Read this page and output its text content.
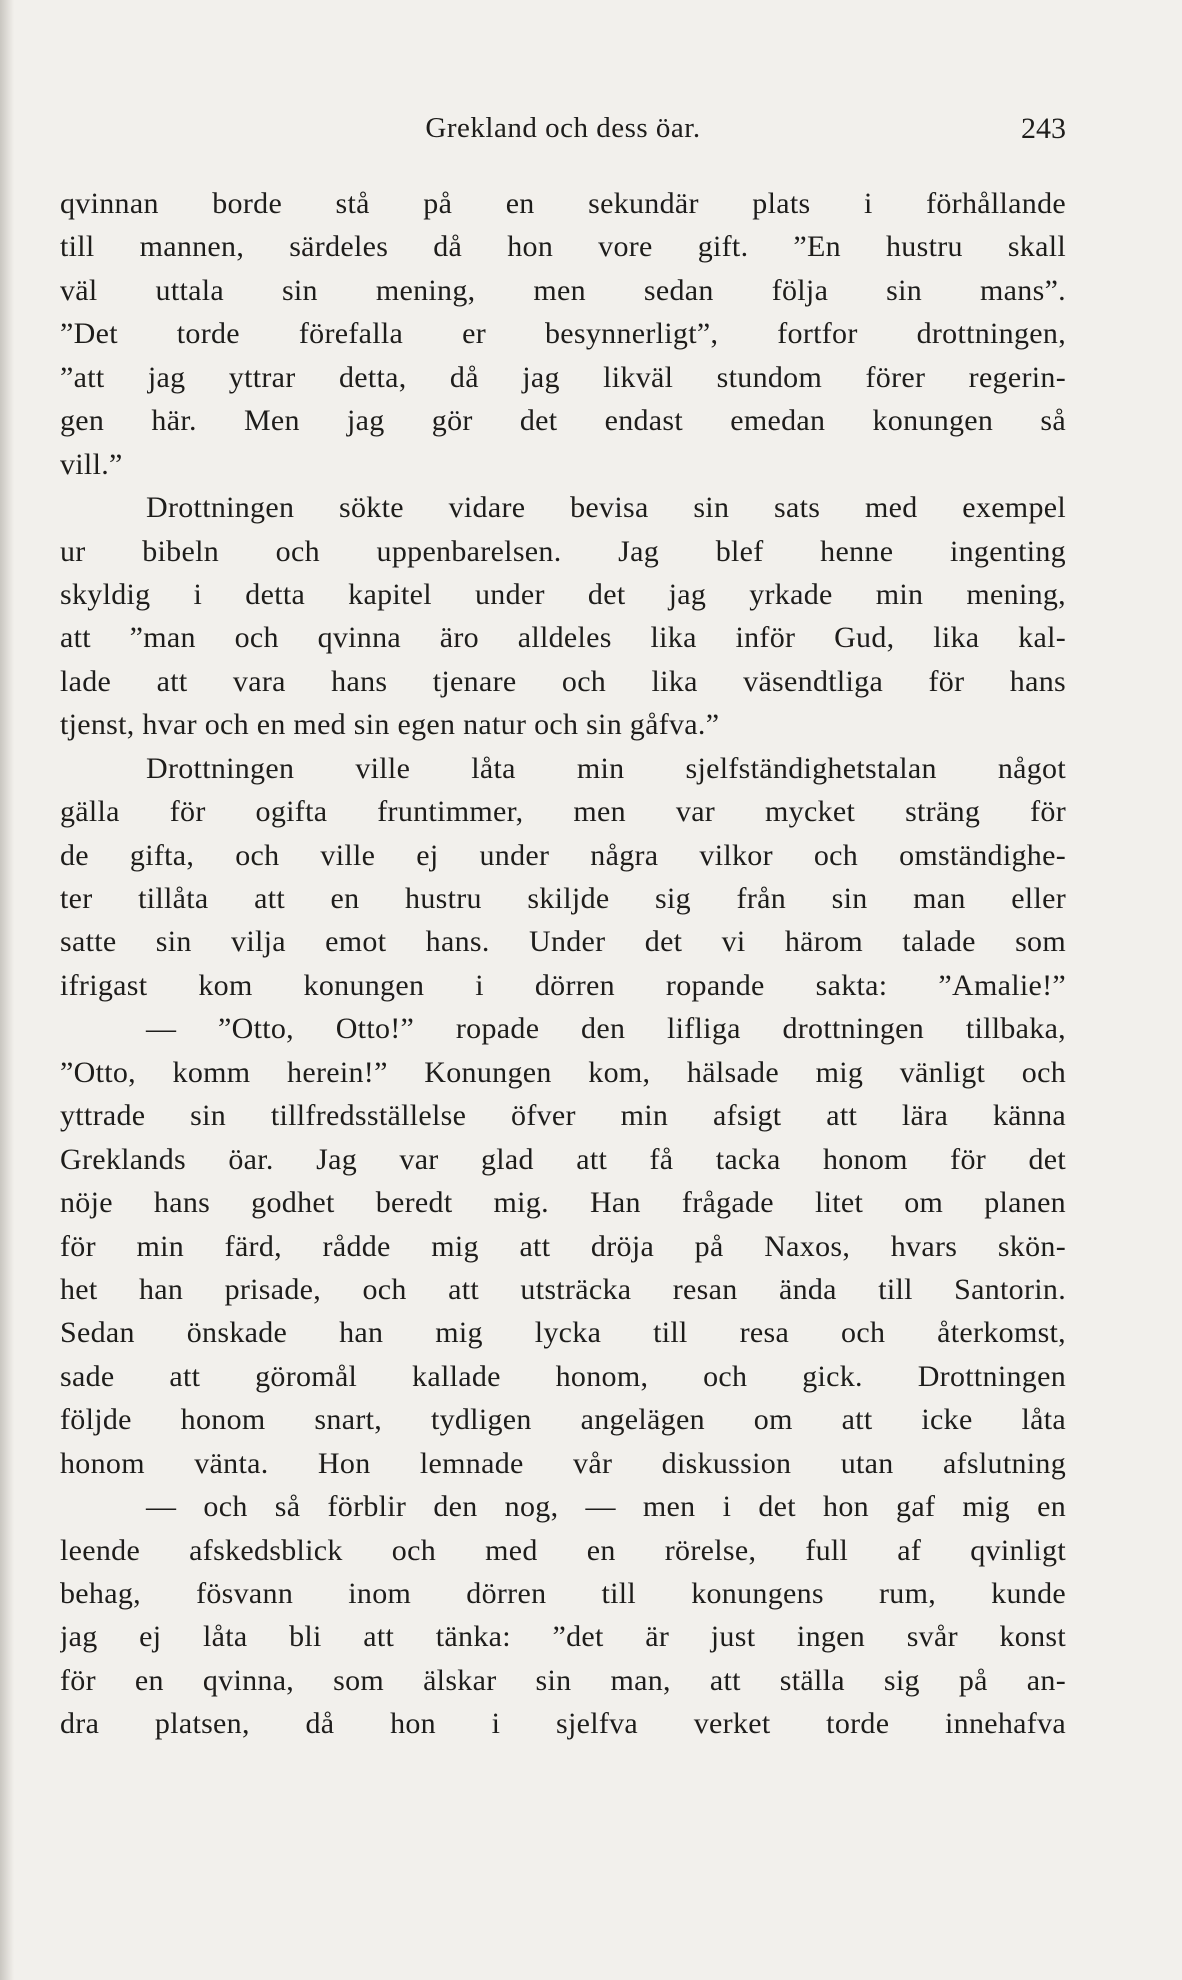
Grekland och dess öar.	243
qvinnan borde stå på en sekundär plats i förhållande
till mannen, särdeles då hon vore gift. ”En hustru skall
väl uttala sin mening, men sedan följa sin mans”.
”Det torde förefalla er besynnerligt”, fortfor drottningen,
”att jag yttrar detta, då jag likväl stundom förer regerin-
gen här. Men jag gör det endast emedan konungen så
vill.”
Drottningen sökte vidare bevisa sin sats med exempel
ur bibeln och uppenbarelsen. Jag blef henne ingenting
skyldig i detta kapitel under det jag yrkade min mening,
att ”man och qvinna äro alldeles lika inför Gud, lika kal-
lade att vara hans tjenare och lika väsendtliga för hans
tjenst, hvar och en med sin egen natur och sin gåfva.”
Drottningen ville låta min sjelfständighetstalan något
gälla för ogifta fruntimmer, men var mycket sträng för
de gifta, och ville ej under några vilkor och omständighe-
ter tillåta att en hustru skiljde sig från sin man eller
satte sin vilja emot hans. Under det vi härom talade som
ifrigast kom konungen i dörren ropande sakta: ”Amalie!”
— ”Otto, Otto!” ropade den lifliga drottningen tillbaka,
”Otto, komm herein!” Konungen kom, hälsade mig vänligt och
yttrade sin tillfredsställelse öfver min afsigt att lära känna
Greklands öar. Jag var glad att få tacka honom för det
nöje hans godhet beredt mig. Han frågade litet om planen
för min färd, rådde mig att dröja på Naxos, hvars skön-
het han prisade, och att utsträcka resan ända till Santorin.
Sedan önskade han mig lycka till resa och återkomst,
sade att göromål kallade honom, och gick. Drottningen
följde honom snart, tydligen angelägen om att icke låta
honom vänta. Hon lemnade vår diskussion utan afslutning
— och så förblir den nog, — men i det hon gaf mig en
leende afskedsblick och med en rörelse, full af qvinligt
behag, fösvann inom dörren till konungens rum, kunde
jag ej låta bli att tänka: ”det är just ingen svår konst
för en qvinna, som älskar sin man, att ställa sig på an-
dra platsen, då hon i sjelfva verket torde innehafva
